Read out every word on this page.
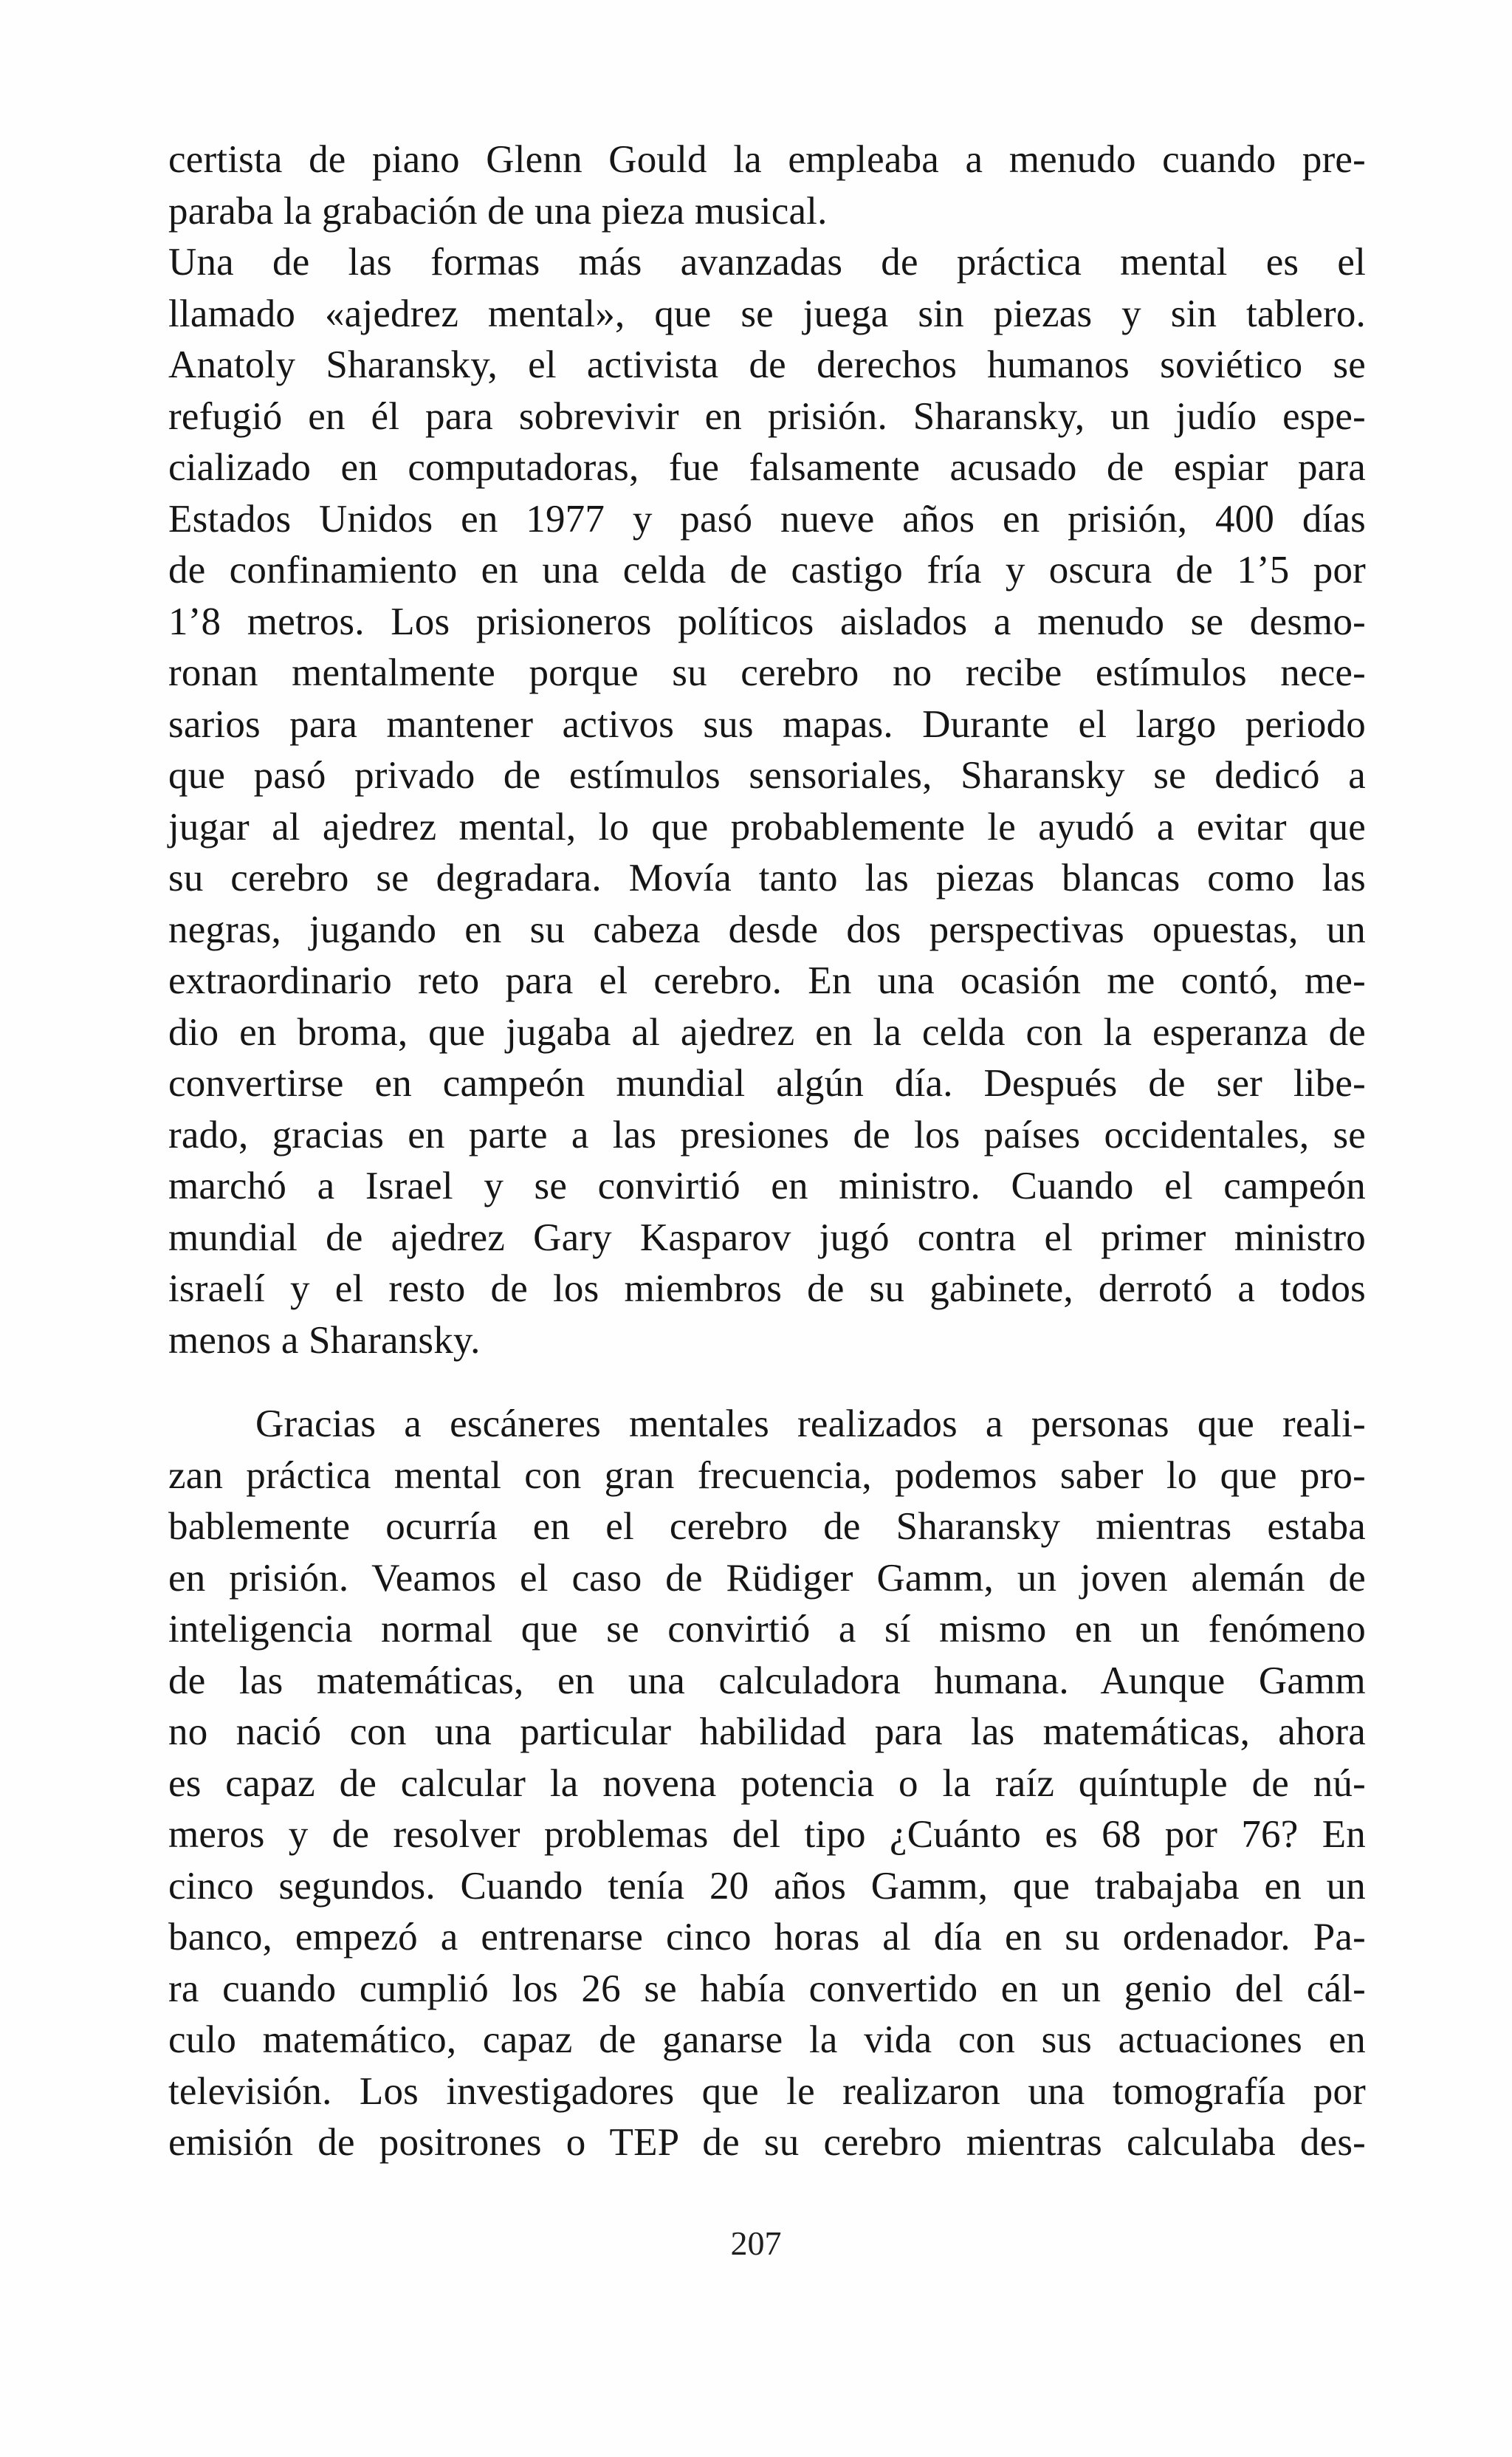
certista de piano Glenn Gould la empleaba a menudo cuando pre-
paraba la grabación de una pieza musical.
Una de las formas más avanzadas de práctica mental es el
llamado «ajedrez mental», que se juega sin piezas y sin tablero.
Anatoly Sharansky, el activista de derechos humanos soviético se
refugió en él para sobrevivir en prisión. Sharansky, un judío espe-
cializado en computadoras, fue falsamente acusado de espiar para
Estados Unidos en 1977 y pasó nueve años en prisión, 400 días
de confinamiento en una celda de castigo fría y oscura de 1’5 por
1’8 metros. Los prisioneros políticos aislados a menudo se desmo-
ronan mentalmente porque su cerebro no recibe estímulos nece-
sarios para mantener activos sus mapas. Durante el largo periodo
que pasó privado de estímulos sensoriales, Sharansky se dedicó a
jugar al ajedrez mental, lo que probablemente le ayudó a evitar que
su cerebro se degradara. Movía tanto las piezas blancas como las
negras, jugando en su cabeza desde dos perspectivas opuestas, un
extraordinario reto para el cerebro. En una ocasión me contó, me-
dio en broma, que jugaba al ajedrez en la celda con la esperanza de
convertirse en campeón mundial algún día. Después de ser libe-
rado, gracias en parte a las presiones de los países occidentales, se
marchó a Israel y se convirtió en ministro. Cuando el campeón
mundial de ajedrez Gary Kasparov jugó contra el primer ministro
israelí y el resto de los miembros de su gabinete, derrotó a todos
menos a Sharansky.
Gracias a escáneres mentales realizados a personas que reali-
zan práctica mental con gran frecuencia, podemos saber lo que pro-
bablemente ocurría en el cerebro de Sharansky mientras estaba
en prisión. Veamos el caso de Rüdiger Gamm, un joven alemán de
inteligencia normal que se convirtió a sí mismo en un fenómeno
de las matemáticas, en una calculadora humana. Aunque Gamm
no nació con una particular habilidad para las matemáticas, ahora
es capaz de calcular la novena potencia o la raíz quíntuple de nú-
meros y de resolver problemas del tipo ¿Cuánto es 68 por 76? En
cinco segundos. Cuando tenía 20 años Gamm, que trabajaba en un
banco, empezó a entrenarse cinco horas al día en su ordenador. Pa-
ra cuando cumplió los 26 se había convertido en un genio del cál-
culo matemático, capaz de ganarse la vida con sus actuaciones en
televisión. Los investigadores que le realizaron una tomografía por
emisión de positrones o TEP de su cerebro mientras calculaba des-
207
